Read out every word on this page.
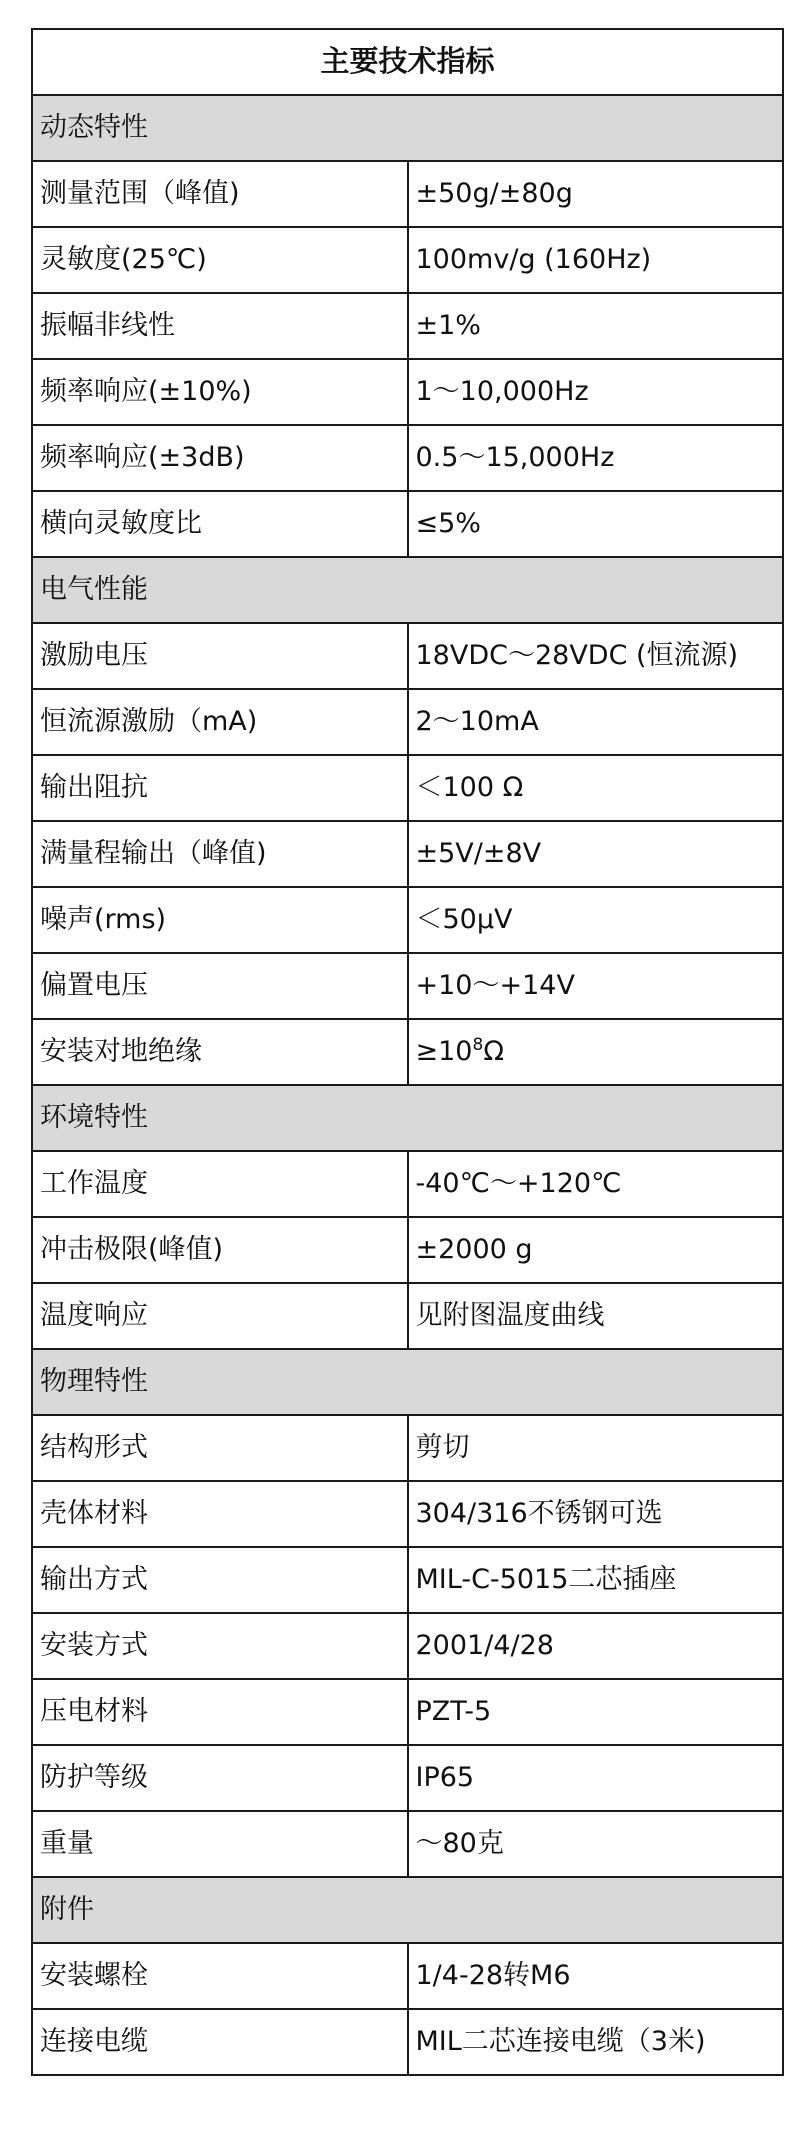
主要技术指标	
动态特性	
测量范围（峰值)	±50g/±80g
灵敏度(25℃)	100mv/g (160Hz)
振幅非线性	±1%
频率响应(±10%)	1～10,000Hz
频率响应(±3dB)	0.5～15,000Hz
横向灵敏度比	≤5%
电气性能	
激励电压	18VDC～28VDC (恒流源)
恒流源激励（mA)	2～10mA
输出阻抗	＜100 Ω
满量程输出（峰值)	±5V/±8V
噪声(rms)	＜50μV
偏置电压	+10～+14V
安装对地绝缘	$\ge 10^8\Omega$
环境特性	
工作温度	-40℃～+120℃
冲击极限(峰值)	±2000 g
温度响应	见附图温度曲线
物理特性	
结构形式	剪切
壳体材料	304/316不锈钢可选
输出方式	MIL-C-5015二芯插座
安装方式	2001/4/28
压电材料	PZT-5
防护等级	IP65
重量	～80克
附件	
安装螺栓	1/4-28转M6
连接电缆	MIL二芯连接电缆（3米)
